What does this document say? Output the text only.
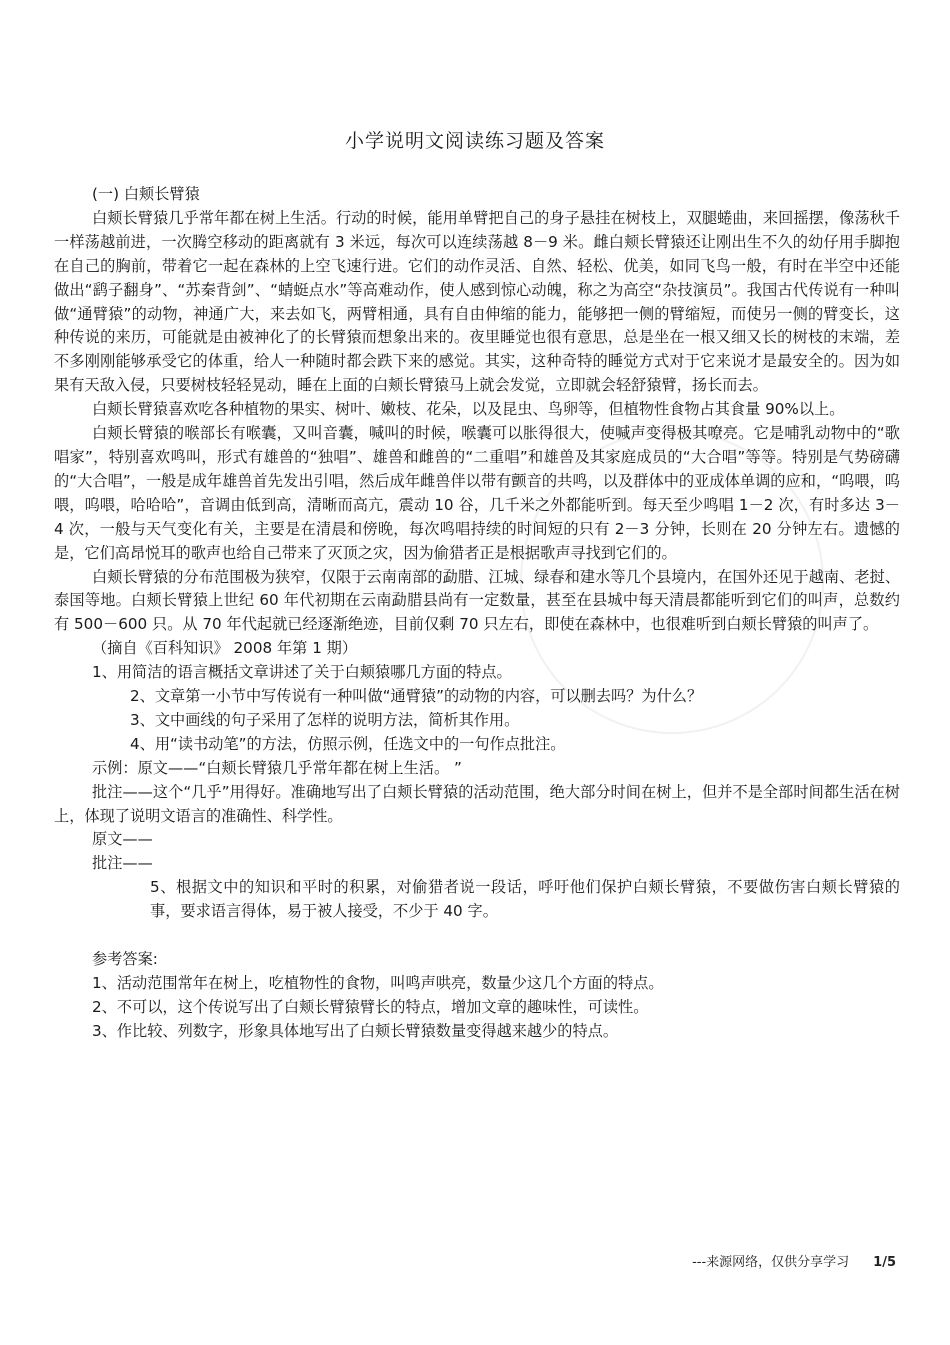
小学说明文阅读练习题及答案

(一) 白颊长臂猿

白颊长臂猿几乎常年都在树上生活。行动的时候，能用单臂把自己的身子悬挂在树枝上，双腿蜷曲，来回摇摆，像荡秋千一样荡越前进，一次腾空移动的距离就有 3 米远，每次可以连续荡越 8－9 米。雌白颊长臂猿还让刚出生不久的幼仔用手脚抱在自己的胸前，带着它一起在森林的上空飞速行进。它们的动作灵活、自然、轻松、优美，如同飞鸟一般，有时在半空中还能做出“鹞子翻身”、“苏秦背剑”、“蜻蜓点水”等高难动作，使人感到惊心动魄，称之为高空“杂技演员”。我国古代传说有一种叫做“通臂猿”的动物，神通广大，来去如飞，两臂相通，具有自由伸缩的能力，能够把一侧的臂缩短，而使另一侧的臂变长，这种传说的来历，可能就是由被神化了的长臂猿而想象出来的。夜里睡觉也很有意思，总是坐在一根又细又长的树枝的末端，差不多刚刚能够承受它的体重，给人一种随时都会跌下来的感觉。其实，这种奇特的睡觉方式对于它来说才是最安全的。因为如果有天敌入侵，只要树枝轻轻晃动，睡在上面的白颊长臂猿马上就会发觉，立即就会轻舒猿臂，扬长而去。

白颊长臂猿喜欢吃各种植物的果实、树叶、嫩枝、花朵，以及昆虫、鸟卵等，但植物性食物占其食量 90%以上。

白颊长臂猿的喉部长有喉囊，又叫音囊，喊叫的时候，喉囊可以胀得很大，使喊声变得极其嘹亮。它是哺乳动物中的“歌唱家”，特别喜欢鸣叫，形式有雄兽的“独唱”、雄兽和雌兽的“二重唱”和雄兽及其家庭成员的“大合唱”等等。特别是气势磅礴的“大合唱”，一般是成年雄兽首先发出引唱，然后成年雌兽伴以带有颤音的共鸣，以及群体中的亚成体单调的应和，“呜喂，呜喂，呜喂，哈哈哈”，音调由低到高，清晰而高亢，震动 10 谷，几千米之外都能听到。每天至少鸣唱 1－2 次，有时多达 3－4 次，一般与天气变化有关，主要是在清晨和傍晚，每次鸣唱持续的时间短的只有 2－3 分钟，长则在 20 分钟左右。遗憾的是，它们高昂悦耳的歌声也给自己带来了灭顶之灾，因为偷猎者正是根据歌声寻找到它们的。

白颊长臂猿的分布范围极为狭窄，仅限于云南南部的勐腊、江城、绿春和建水等几个县境内，在国外还见于越南、老挝、泰国等地。白颊长臂猿上世纪 60 年代初期在云南勐腊县尚有一定数量，甚至在县城中每天清晨都能听到它们的叫声，总数约有 500－600 只。从 70 年代起就已经逐渐绝迹，目前仅剩 70 只左右，即使在森林中，也很难听到白颊长臂猿的叫声了。

（摘自《百科知识》 2008 年第 1 期）

1、用简洁的语言概括文章讲述了关于白颊猿哪几方面的特点。

2、文章第一小节中写传说有一种叫做“通臂猿”的动物的内容，可以删去吗？为什么？

3、文中画线的句子采用了怎样的说明方法，简析其作用。

4、用“读书动笔”的方法，仿照示例，任选文中的一句作点批注。

示例：原文——“白颊长臂猿几乎常年都在树上生活。 ”

批注——这个“几乎”用得好。准确地写出了白颊长臂猿的活动范围，绝大部分时间在树上，但并不是全部时间都生活在树上，体现了说明文语言的准确性、科学性。

原文——

批注——

5、根据文中的知识和平时的积累，对偷猎者说一段话，呼吁他们保护白颊长臂猿，不要做伤害白颊长臂猿的事，要求语言得体，易于被人接受，不少于 40 字。

参考答案:

1、活动范围常年在树上，吃植物性的食物，叫鸣声哄亮，数量少这几个方面的特点。

2、不可以，这个传说写出了白颊长臂猿臂长的特点，增加文章的趣味性，可读性。

3、作比较、列数字，形象具体地写出了白颊长臂猿数量变得越来越少的特点。

---来源网络，仅供分享学习 1/5
